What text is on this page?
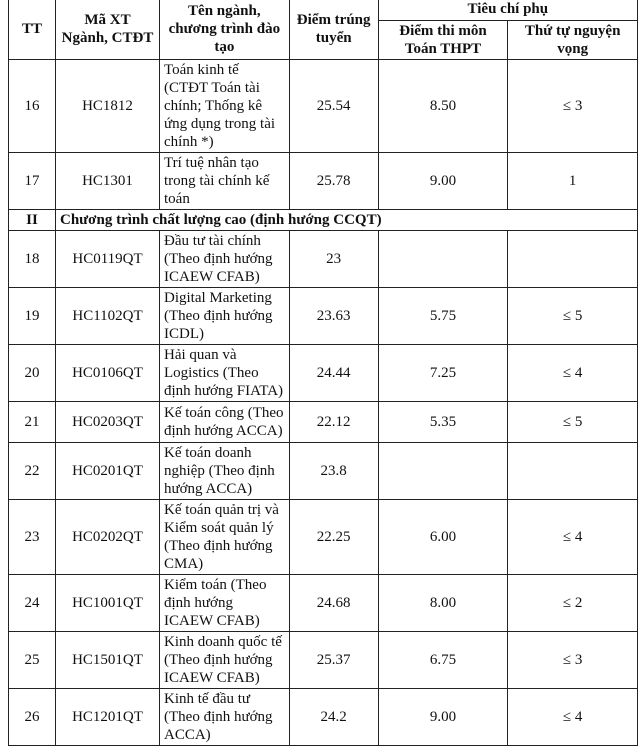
TT	Mã XT Ngành, CTĐT	Tên ngành, chương trình đào tạo	Điểm trúng tuyển	Tiêu chí phụ	
				Điểm thi môn Toán THPT	Thứ tự nguyện vọng
16	HC1812	Toán kinh tế (CTĐT Toán tài chính; Thống kê ứng dụng trong tài chính *)	25.54	8.50	≤ 3
17	HC1301	Trí tuệ nhân tạo trong tài chính kế toán	25.78	9.00	1
II	Chương trình chất lượng cao (định hướng CCQT)				
18	HC0119QT	Đầu tư tài chính (Theo định hướng ICAEW CFAB)	23		
19	HC1102QT	Digital Marketing (Theo định hướng ICDL)	23.63	5.75	≤ 5
20	HC0106QT	Hải quan và Logistics (Theo định hướng FIATA)	24.44	7.25	≤ 4
21	HC0203QT	Kế toán công (Theo định hướng ACCA)	22.12	5.35	≤ 5
22	HC0201QT	Kế toán doanh nghiệp (Theo định hướng ACCA)	23.8		
23	HC0202QT	Kế toán quản trị và Kiểm soát quản lý (Theo định hướng CMA)	22.25	6.00	≤ 4
24	HC1001QT	Kiểm toán (Theo định hướng ICAEW CFAB)	24.68	8.00	≤ 2
25	HC1501QT	Kinh doanh quốc tế (Theo định hướng ICAEW CFAB)	25.37	6.75	≤ 3
26	HC1201QT	Kinh tế đầu tư (Theo định hướng ACCA)	24.2	9.00	≤ 4
